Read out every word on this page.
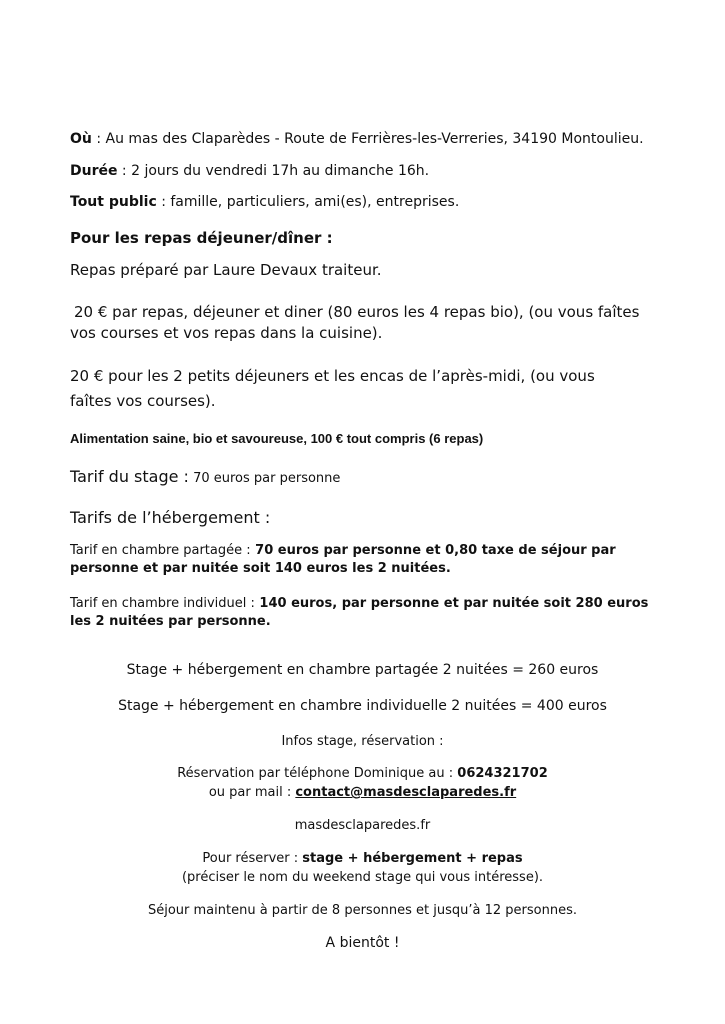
Où : Au mas des Claparèdes - Route de Ferrières-les-Verreries, 34190 Montoulieu.
Durée : 2 jours du vendredi 17h au dimanche 16h.
Tout public : famille, particuliers, ami(es), entreprises.
Pour les repas déjeuner/dîner :
Repas préparé par Laure Devaux traiteur.
20 € par repas, déjeuner et diner (80 euros les 4 repas bio), (ou vous faîtes
vos courses et vos repas dans la cuisine).
20 € pour les 2 petits déjeuners et les encas de l’après-midi, (ou vous
faîtes vos courses).
Alimentation saine, bio et savoureuse, 100 € tout compris (6 repas)
Tarif du stage : 70 euros par personne
Tarifs de l’hébergement :
Tarif en chambre partagée : 70 euros par personne et 0,80 taxe de séjour par
personne et par nuitée soit 140 euros les 2 nuitées.
Tarif en chambre individuel : 140 euros, par personne et par nuitée soit 280 euros
les 2 nuitées par personne.
Stage + hébergement en chambre partagée 2 nuitées = 260 euros
Stage + hébergement en chambre individuelle 2 nuitées = 400 euros
Infos stage, réservation :
Réservation par téléphone Dominique au : 0624321702
ou par mail : contact@masdesclaparedes.fr
masdesclaparedes.fr
Pour réserver : stage + hébergement + repas
(préciser le nom du weekend stage qui vous intéresse).
Séjour maintenu à partir de 8 personnes et jusqu’à 12 personnes.
A bientôt !
